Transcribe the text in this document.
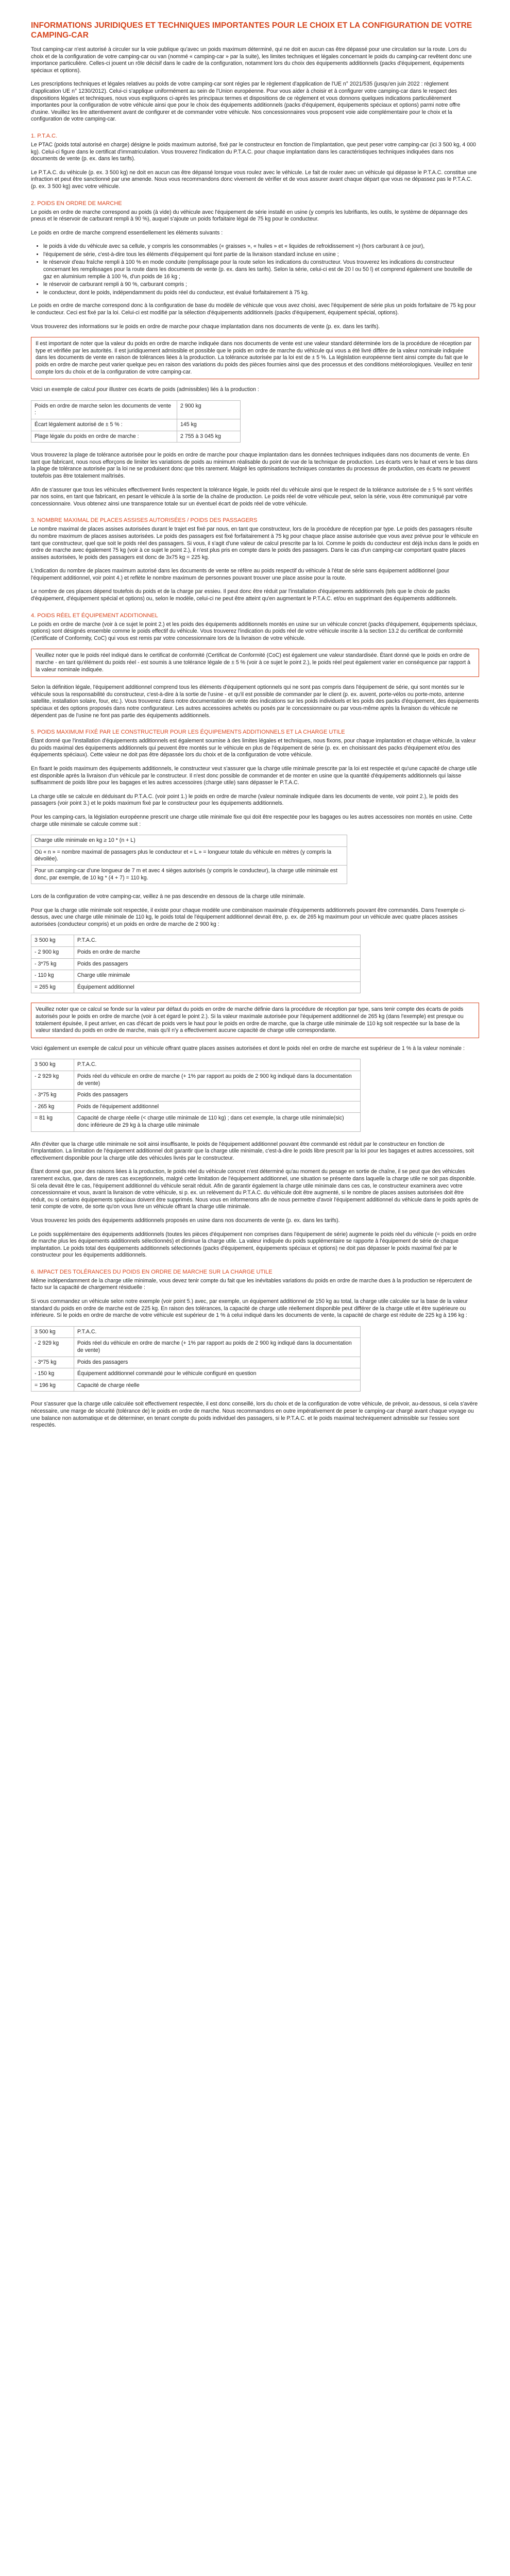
INFORMATIONS JURIDIQUES ET TECHNIQUES IMPORTANTES POUR LE CHOIX ET LA CONFIGURATION DE VOTRE CAMPING-CAR

Tout camping-car n'est autorisé à circuler sur la voie publique qu'avec un poids maximum déterminé, qui ne doit en aucun cas être dépassé pour une circulation sur la route. Lors du choix et de la configuration de votre camping-car ou van (nommé « camping-car » par la suite), les limites techniques et légales concernant le poids du camping-car revêtent donc une importance particulière. Celles-ci jouent un rôle décisif dans le cadre de la configuration, notamment lors du choix des équipements additionnels (packs d'équipement, équipements spéciaux et options).

Les prescriptions techniques et légales relatives au poids de votre camping-car sont régies par le règlement d'application de l'UE n° 2021/535 (jusqu'en juin 2022 : règlement d'application UE n° 1230/2012). Celui-ci s'applique uniformément au sein de l'Union européenne. Pour vous aider à choisir et à configurer votre camping-car dans le respect des dispositions légales et techniques, nous vous expliquons ci-après les principaux termes et dispositions de ce règlement et vous donnons quelques indications particulièrement importantes pour la configuration de votre véhicule ainsi que pour le choix des équipements additionnels (packs d'équipement, équipements spéciaux et options) parmi notre offre d'usine. Veuillez les lire attentivement avant de configurer et de commander votre véhicule. Nos concessionnaires vous proposent voie aide complémentaire pour le choix et la configuration de votre camping-car.

1. P.T.A.C.

Le PTAC (poids total autorisé en charge) désigne le poids maximum autorisé, fixé par le constructeur en fonction de l'implantation, que peut peser votre camping-car (ici 3 500 kg, 4 000 kg). Celui-ci figure dans le certificat d'immatriculation. Vous trouverez l'indication du P.T.A.C. pour chaque implantation dans les caractéristiques techniques indiquées dans nos documents de vente (p. ex. dans les tarifs).

Le P.T.A.C. du véhicule (p. ex. 3 500 kg) ne doit en aucun cas être dépassé lorsque vous roulez avec le véhicule. Le fait de rouler avec un véhicule qui dépasse le P.T.A.C. constitue une infraction et peut être sanctionné par une amende. Nous vous recommandons donc vivement de vérifier et de vous assurer avant chaque départ que vous ne dépassez pas le P.T.A.C. (p. ex. 3 500 kg) avec votre véhicule.

2. POIDS EN ORDRE DE MARCHE

Le poids en ordre de marche correspond au poids (à vide) du véhicule avec l'équipement de série installé en usine (y compris les lubrifiants, les outils, le système de dépannage des pneus et le réservoir de carburant rempli à 90 %), auquel s'ajoute un poids forfaitaire légal de 75 kg pour le conducteur.

Le poids en ordre de marche comprend essentiellement les éléments suivants :

• le poids à vide du véhicule avec sa cellule, y compris les consommables (« graisses », « huiles » et « liquides de refroidissement ») (hors carburant à ce jour),
• l'équipement de série, c'est-à-dire tous les éléments d'équipement qui font partie de la livraison standard incluse en usine ;
• le réservoir d'eau fraîche rempli à 100 % en mode conduite (remplissage pour la route selon les indications du constructeur. Vous trouverez les indications du constructeur concernant les remplissages pour la route dans les documents de vente (p. ex. dans les tarifs). Selon la série, celui-ci est de 20 l ou 50 l) et comprend également une bouteille de gaz en aluminium remplie à 100 %, d'un poids de 16 kg ;
• le réservoir de carburant rempli à 90 %, carburant compris ;
• le conducteur, dont le poids, indépendamment du poids réel du conducteur, est évalué forfaitairement à 75 kg.

Le poids en ordre de marche correspond donc à la configuration de base du modèle de véhicule que vous avez choisi, avec l'équipement de série plus un poids forfaitaire de 75 kg pour le conducteur. Ceci est fixé par la loi. Celui-ci est modifié par la sélection d'équipements additionnels (packs d'équipement, équipement spécial, options).

Vous trouverez des informations sur le poids en ordre de marche pour chaque implantation dans nos documents de vente (p. ex. dans les tarifs).

Il est important de noter que la valeur du poids en ordre de marche indiquée dans nos documents de vente est une valeur standard déterminée lors de la procédure de réception par type et vérifiée par les autorités. Il est juridiquement admissible et possible que le poids en ordre de marche du véhicule qui vous a été livré diffère de la valeur nominale indiquée dans les documents de vente en raison de tolérances liées à la production. La tolérance autorisée par la loi est de ± 5 %. La législation européenne tient ainsi compte du fait que le poids en ordre de marche peut varier quelque peu en raison des variations du poids des pièces fournies ainsi que des processus et des conditions météorologiques. Veuillez en tenir compte lors du choix et de la configuration de votre camping-car.

Voici un exemple de calcul pour illustrer ces écarts de poids (admissibles) liés à la production :

Poids en ordre de marche selon les documents de vente :	2 900 kg
Écart légalement autorisé de ± 5 % :	145 kg
Plage légale du poids en ordre de marche :	2 755 à 3 045 kg

Vous trouverez la plage de tolérance autorisée pour le poids en ordre de marche pour chaque implantation dans les données techniques indiquées dans nos documents de vente. En tant que fabricant, nous nous efforçons de limiter les variations de poids au minimum réalisable du point de vue de la technique de production. Les écarts vers le haut et vers le bas dans la plage de tolérance autorisée par la loi ne se produisent donc que très rarement. Malgré les optimisations techniques constantes du processus de production, ces écarts ne peuvent toutefois pas être totalement maîtrisés.

Afin de s'assurer que tous les véhicules effectivement livrés respectent la tolérance légale, le poids réel du véhicule ainsi que le respect de la tolérance autorisée de ± 5 % sont vérifiés par nos soins, en tant que fabricant, en pesant le véhicule à la sortie de la chaîne de production. Le poids réel de votre véhicule peut, selon la série, vous être communiqué par votre concessionnaire. Vous obtenez ainsi une transparence totale sur un éventuel écart de poids réel de votre véhicule.

3. NOMBRE MAXIMAL DE PLACES ASSISES AUTORISÉES / POIDS DES PASSAGERS

Le nombre maximal de places assises autorisées durant le trajet est fixé par nous, en tant que constructeur, lors de la procédure de réception par type. Le poids des passagers résulte du nombre maximum de places assises autorisées. Le poids des passagers est fixé forfaitairement à 75 kg pour chaque place assise autorisée que vous avez prévue pour le véhicule en tant que constructeur, quel que soit le poids réel des passagers. Si vous, il s'agit d'une valeur de calcul prescrite par la loi. Comme le poids du conducteur est déjà inclus dans le poids en ordre de marche avec également 75 kg (voir à ce sujet le point 2.), il n'est plus pris en compte dans le poids des passagers. Dans le cas d'un camping-car comportant quatre places assises autorisées, le poids des passagers est donc de 3x75 kg = 225 kg.

L'indication du nombre de places maximum autorisé dans les documents de vente se réfère au poids respectif du véhicule à l'état de série sans équipement additionnel (pour l'équipement additionnel, voir point 4.) et reflète le nombre maximum de personnes pouvant trouver une place assise pour la route.

Le nombre de ces places dépend toutefois du poids et de la charge par essieu. Il peut donc être réduit par l'installation d'équipements additionnels (tels que le choix de packs d'équipement, d'équipement spécial et options) ou, selon le modèle, celui-ci ne peut être atteint qu'en augmentant le P.T.A.C. et/ou en supprimant des équipements additionnels.

4. POIDS RÉEL ET ÉQUIPEMENT ADDITIONNEL

Le poids en ordre de marche (voir à ce sujet le point 2.) et les poids des équipements additionnels montés en usine sur un véhicule concret (packs d'équipement, équipements spéciaux, options) sont désignés ensemble comme le poids effectif du véhicule. Vous trouverez l'indication du poids réel de votre véhicule inscrite à la section 13.2 du certificat de conformité (Certificate of Conformity, CoC) qui vous est remis par votre concessionnaire lors de la livraison de votre véhicule.

Veuillez noter que le poids réel indiqué dans le certificat de conformité (Certificat de Conformité (CoC) est également une valeur standardisée. Étant donné que le poids en ordre de marche - en tant qu'élément du poids réel - est soumis à une tolérance légale de ± 5 % (voir à ce sujet le point 2.), le poids réel peut également varier en conséquence par rapport à la valeur nominale indiquée.

Selon la définition légale, l'équipement additionnel comprend tous les éléments d'équipement optionnels qui ne sont pas compris dans l'équipement de série, qui sont montés sur le véhicule sous la responsabilité du constructeur, c'est-à-dire à la sortie de l'usine - et qu'il est possible de commander par le client (p. ex. auvent, porte-vélos ou porte-moto, antenne satellite, installation solaire, four, etc.). Vous trouverez dans notre documentation de vente des indications sur les poids individuels et les poids des packs d'équipement, des équipements spéciaux et des options proposés dans notre configurateur. Les autres accessoires achetés ou posés par le concessionnaire ou par vous-même après la livraison du véhicule ne dépendent pas de l'usine ne font pas partie des équipements additionnels.

5. POIDS MAXIMUM FIXÉ PAR LE CONSTRUCTEUR POUR LES ÉQUIPEMENTS ADDITIONNELS ET LA CHARGE UTILE

Étant donné que l'installation d'équipements additionnels est également soumise à des limites légales et techniques, nous fixons, pour chaque implantation et chaque véhicule, la valeur du poids maximal des équipements additionnels qui peuvent être montés sur le véhicule en plus de l'équipement de série (p. ex. en choisissant des packs d'équipement et/ou des équipements spéciaux). Cette valeur ne doit pas être dépassée lors du choix et de la configuration de votre véhicule.

En fixant le poids maximum des équipements additionnels, le constructeur veut s'assurer que la charge utile minimale prescrite par la loi est respectée et qu'une capacité de charge utile est disponible après la livraison d'un véhicule par le constructeur. Il n'est donc possible de commander et de monter en usine que la quantité d'équipements additionnels qui laisse suffisamment de poids libre pour les bagages et les autres accessoires (charge utile) sans dépasser le P.T.A.C.

La charge utile se calcule en déduisant du P.T.A.C. (voir point 1.) le poids en ordre de marche (valeur nominale indiquée dans les documents de vente, voir point 2.), le poids des passagers (voir point 3.) et le poids maximum fixé par le constructeur pour les équipements additionnels.

Pour les camping-cars, la législation européenne prescrit une charge utile minimale fixe qui doit être respectée pour les bagages ou les autres accessoires non montés en usine. Cette charge utile minimale se calcule comme suit :

Charge utile minimale en kg ≥ 10 * (n + L)
Où « n » = nombre maximal de passagers plus le conducteur et « L » = longueur totale du véhicule en mètres (y compris la dévoilée).
Pour un camping-car d'une longueur de 7 m et avec 4 sièges autorisés (y compris le conducteur), la charge utile minimale est donc, par exemple, de 10 kg * (4 + 7) = 110 kg.

Lors de la configuration de votre camping-car, veillez à ne pas descendre en dessous de la charge utile minimale.

Pour que la charge utile minimale soit respectée, il existe pour chaque modèle une combinaison maximale d'équipements additionnels pouvant être commandés. Dans l'exemple ci-dessus, avec une charge utile minimale de 110 kg, le poids total de l'équipement additionnel devrait être, p. ex. de 265 kg maximum pour un véhicule avec quatre places assises autorisées (conducteur compris) et un poids en ordre de marche de 2 900 kg :

3 500 kg	P.T.A.C.
- 2 900 kg	Poids en ordre de marche
- 3*75 kg	Poids des passagers
- 110 kg	Charge utile minimale
= 265 kg	Équipement additionnel
Veuillez noter que ce calcul se fonde sur la valeur par défaut du poids en ordre de marche définie dans la procédure de réception par type, sans tenir compte des écarts de poids autorisés pour le poids en ordre de marche (voir à cet égard le point 2.). Si la valeur maximale autorisée pour l'équipement additionnel de 265 kg (dans l'exemple) est presque ou totalement épuisée, il peut arriver, en cas d'écart de poids vers le haut pour le poids en ordre de marche, que la charge utile minimale de 110 kg soit respectée sur la base de la valeur standard du poids en ordre de marche, mais qu'il n'y a effectivement aucune capacité de charge utile correspondante.

Voici également un exemple de calcul pour un véhicule offrant quatre places assises autorisées et dont le poids réel en ordre de marche est supérieur de 1 % à la valeur nominale :

3 500 kg	P.T.A.C.
- 2 929 kg	Poids réel du véhicule en ordre de marche (+ 1% par rapport au poids de 2 900 kg indiqué dans la documentation de vente)
- 3*75 kg	Poids des passagers
- 265 kg	Poids de l'équipement additionnel
= 81 kg	Capacité de charge réelle (< charge utile minimale de 110 kg) ; dans cet exemple, la charge utile minimale(sic) donc inférieure de 29 kg à la charge utile minimale

Afin d'éviter que la charge utile minimale ne soit ainsi insuffisante, le poids de l'équipement additionnel pouvant être commandé est réduit par le constructeur en fonction de l'implantation. La limitation de l'équipement additionnel doit garantir que la charge utile minimale, c'est-à-dire le poids libre prescrit par la loi pour les bagages et autres accessoires, soit effectivement disponible pour la charge utile des véhicules livrés par le constructeur.

Étant donné que, pour des raisons liées à la production, le poids réel du véhicule concret n'est déterminé qu'au moment du pesage en sortie de chaîne, il se peut que des véhicules rarement exclus, que, dans de rares cas exceptionnels, malgré cette limitation de l'équipement additionnel, une situation se présente dans laquelle la charge utile ne soit pas disponible. Si cela devait être le cas, l'équipement additionnel du véhicule serait réduit. Afin de garantir également la charge utile minimale dans ces cas, le constructeur examinera avec votre concessionnaire et vous, avant la livraison de votre véhicule, si p. ex. un relèvement du P.T.A.C. du véhicule doit être augmenté, si le nombre de places assises autorisées doit être réduit, ou si certains équipements spéciaux doivent être supprimés. Nous vous en informerons afin de nous permettre d'avoir l'équipement additionnel du véhicule dans le poids après de tenir compte de votre, de sorte qu'on vous livre un véhicule offrant la charge utile minimale.

Vous trouverez les poids des équipements additionnels proposés en usine dans nos documents de vente (p. ex. dans les tarifs).

Le poids supplémentaire des équipements additionnels (toutes les pièces d'équipement non comprises dans l'équipement de série) augmente le poids réel du véhicule (= poids en ordre de marche plus les équipements additionnels sélectionnés) et diminue la charge utile. La valeur indiquée du poids supplémentaire se rapporte à l'équipement de série de chaque implantation. Le poids total des équipements additionnels sélectionnés (packs d'équipement, équipements spéciaux et options) ne doit pas dépasser le poids maximal fixé par le constructeur pour les équipements additionnels.

6. IMPACT DES TOLÉRANCES DU POIDS EN ORDRE DE MARCHE SUR LA CHARGE UTILE

Même indépendamment de la charge utile minimale, vous devez tenir compte du fait que les inévitables variations du poids en ordre de marche dues à la production se répercutent de facto sur la capacité de chargement résiduelle :

Si vous commandez un véhicule selon notre exemple (voir point 5.) avec, par exemple, un équipement additionnel de 150 kg au total, la charge utile calculée sur la base de la valeur standard du poids en ordre de marche est de 225 kg. En raison des tolérances, la capacité de charge utile réellement disponible peut différer de la charge utile et être supérieure ou inférieure. Si le poids en ordre de marche de votre véhicule est supérieur de 1 % à celui indiqué dans les documents de vente, la capacité de charge est réduite de 225 kg à 196 kg :

3 500 kg	P.T.A.C.
- 2 929 kg	Poids réel du véhicule en ordre de marche (+ 1% par rapport au poids de 2 900 kg indiqué dans la documentation de vente)
- 3*75 kg	Poids des passagers
- 150 kg	Équipement additionnel commandé pour le véhicule configuré en question
= 196 kg	Capacité de charge réelle

Pour s'assurer que la charge utile calculée soit effectivement respectée, il est donc conseillé, lors du choix et de la configuration de votre véhicule, de prévoir, au-dessous, si cela s'avère nécessaire, une marge de sécurité (tolérance de) le poids en ordre de marche. Nous recommandons en outre impérativement de peser le camping-car chargé avant chaque voyage ou une balance non automatique et de déterminer, en tenant compte du poids individuel des passagers, si le P.T.A.C. et le poids maximal techniquement admissible sur l'essieu sont respectés.
